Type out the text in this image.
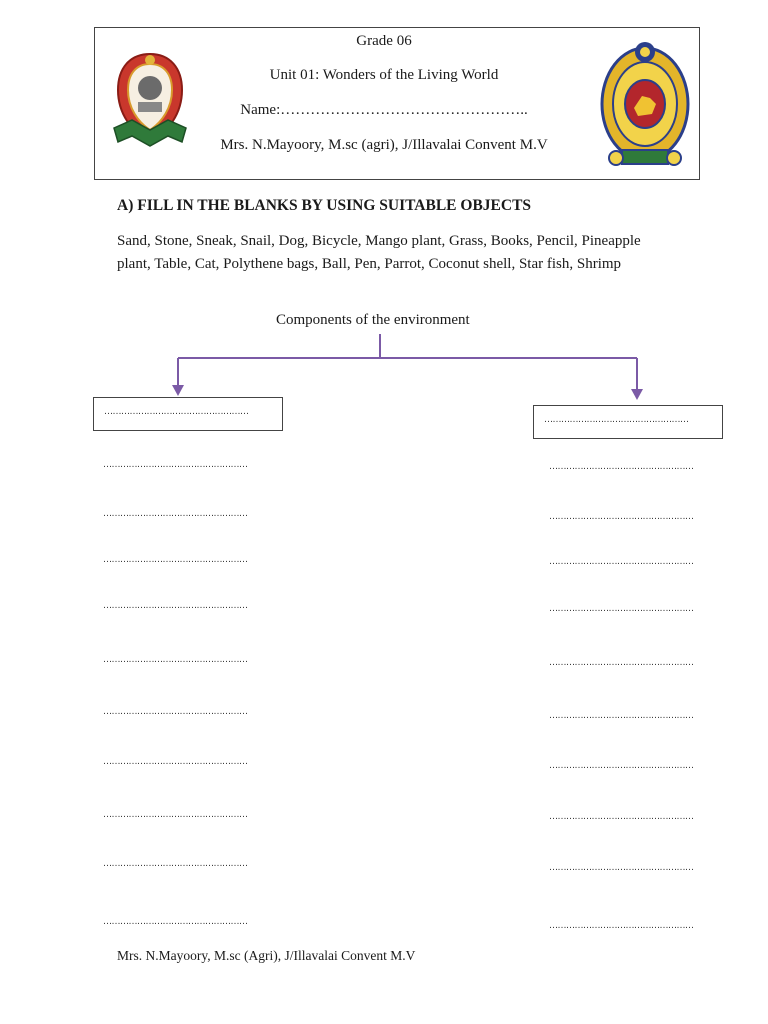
Grade 06
Unit 01: Wonders of the Living World
Name:…………………………………………..
Mrs. N.Mayoory, M.sc (agri), J/Illavalai Convent M.V
A) FILL IN THE BLANKS BY USING SUITABLE OBJECTS
Sand, Stone, Sneak, Snail, Dog, Bicycle, Mango plant, Grass, Books, Pencil, Pineapple plant, Table, Cat, Polythene bags, Ball, Pen, Parrot, Coconut shell, Star fish, Shrimp
Components of the environment
……………………………………………
……………………………………………
……………………………………………
……………………………………………
……………………………………………
……………………………………………
……………………………………………
……………………………………………
……………………………………………
……………………………………………
……………………………………………
……………………………………………
……………………………………………
……………………………………………
……………………………………………
……………………………………………
……………………………………………
……………………………………………
……………………………………………
……………………………………………
……………………………………………
……………………………………………
Mrs. N.Mayoory, M.sc (Agri), J/Illavalai Convent M.V
